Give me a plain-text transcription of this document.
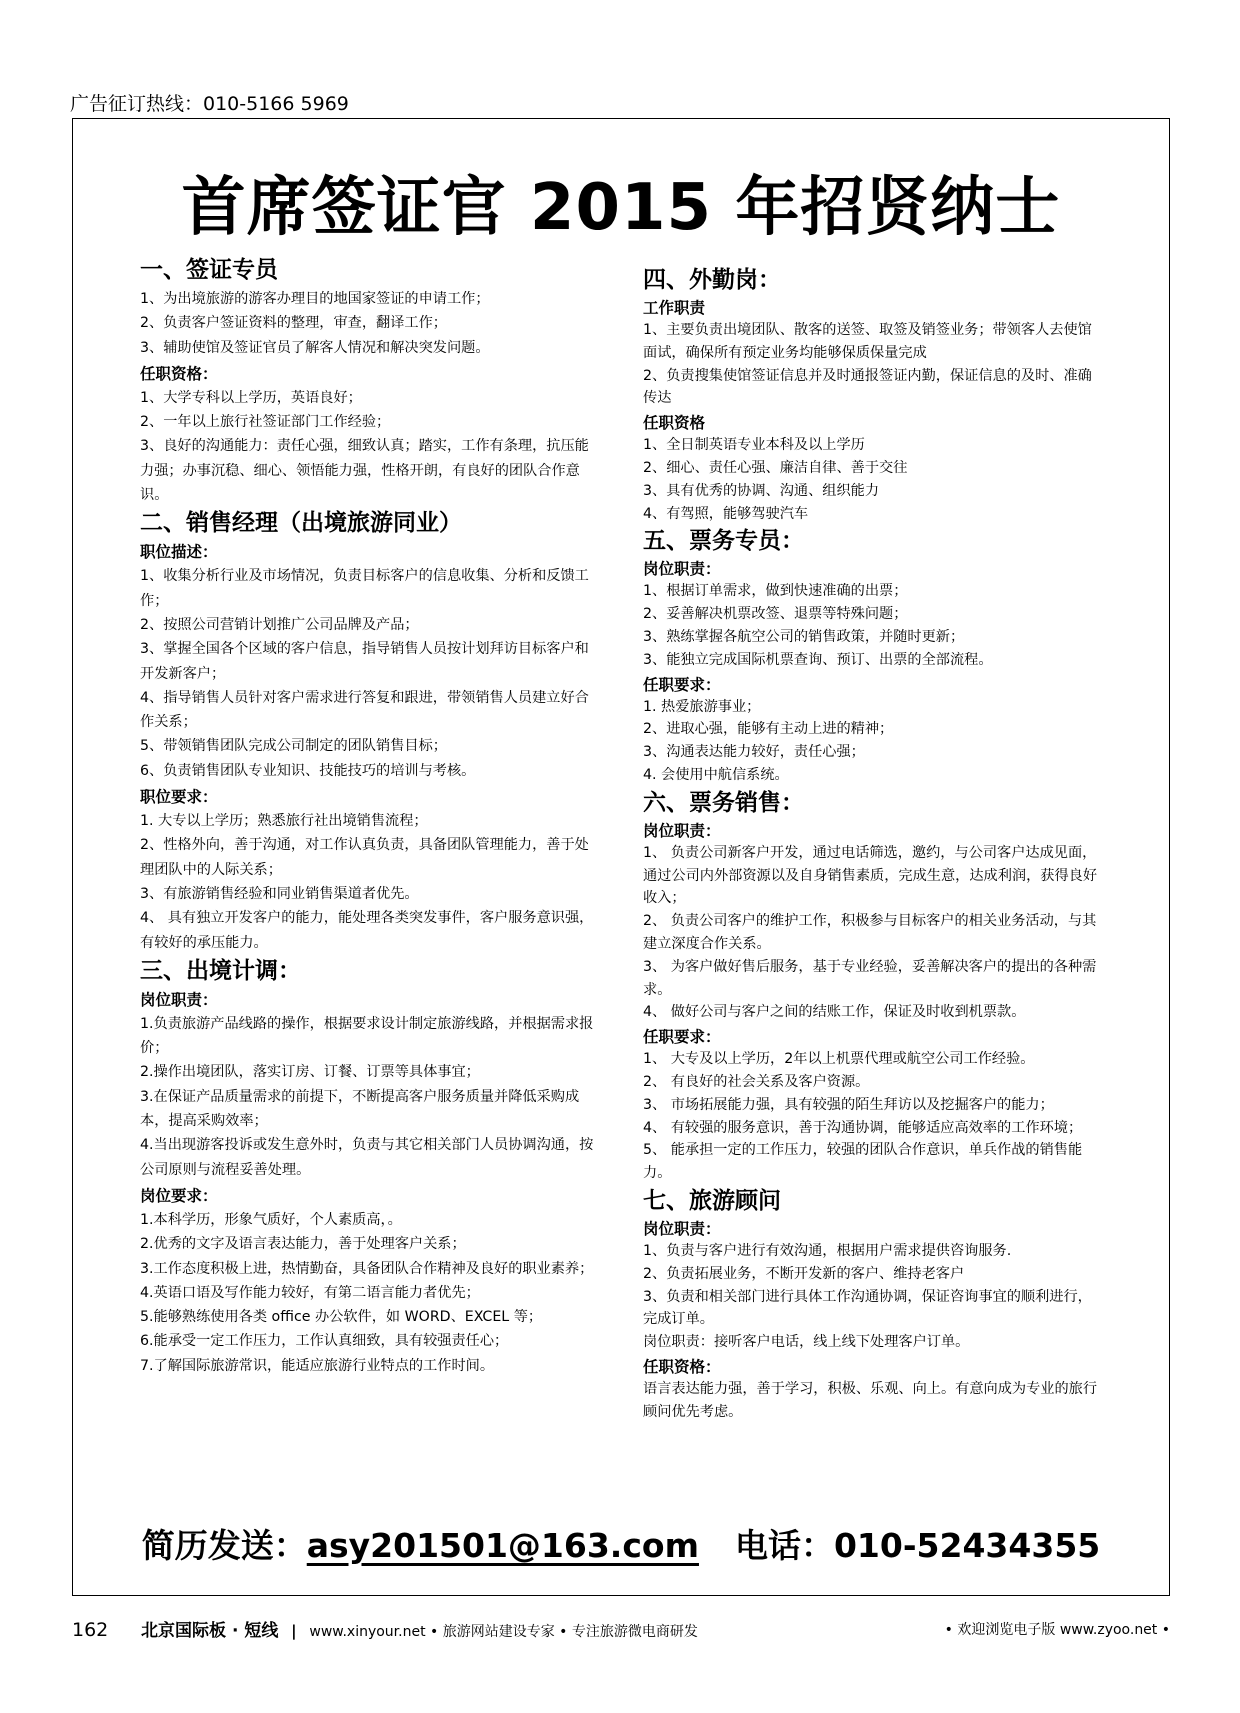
广告征订热线：010-5166 5969
首席签证官 2015 年招贤纳士
一、签证专员
1、为出境旅游的游客办理目的地国家签证的申请工作；
2、负责客户签证资料的整理，审查，翻译工作；
3、辅助使馆及签证官员了解客人情况和解决突发问题。
任职资格：
1、大学专科以上学历，英语良好；
2、一年以上旅行社签证部门工作经验；
3、良好的沟通能力：责任心强，细致认真；踏实，工作有条理，抗压能力强；办事沉稳、细心、领悟能力强，性格开朗，有良好的团队合作意识。
二、销售经理（出境旅游同业）
职位描述：
1、收集分析行业及市场情况，负责目标客户的信息收集、分析和反馈工作；
2、按照公司营销计划推广公司品牌及产品；
3、掌握全国各个区域的客户信息，指导销售人员按计划拜访目标客户和开发新客户；
4、指导销售人员针对客户需求进行答复和跟进，带领销售人员建立好合作关系；
5、带领销售团队完成公司制定的团队销售目标；
6、负责销售团队专业知识、技能技巧的培训与考核。
职位要求：
1. 大专以上学历；熟悉旅行社出境销售流程；
2、性格外向，善于沟通，对工作认真负责，具备团队管理能力，善于处理团队中的人际关系；
3、有旅游销售经验和同业销售渠道者优先。
4、 具有独立开发客户的能力，能处理各类突发事件，客户服务意识强，有较好的承压能力。
三、出境计调：
岗位职责：
1.负责旅游产品线路的操作，根据要求设计制定旅游线路，并根据需求报价；
2.操作出境团队，落实订房、订餐、订票等具体事宜；
3.在保证产品质量需求的前提下，不断提高客户服务质量并降低采购成本，提高采购效率；
4.当出现游客投诉或发生意外时，负责与其它相关部门人员协调沟通，按公司原则与流程妥善处理。
岗位要求：
1.本科学历，形象气质好，个人素质高，。
2.优秀的文字及语言表达能力，善于处理客户关系；
3.工作态度积极上进，热情勤奋，具备团队合作精神及良好的职业素养；
4.英语口语及写作能力较好，有第二语言能力者优先；
5.能够熟练使用各类 office 办公软件，如 WORD、EXCEL 等；
6.能承受一定工作压力，工作认真细致，具有较强责任心；
7.了解国际旅游常识，能适应旅游行业特点的工作时间。
四、外勤岗：
工作职责
1、主要负责出境团队、散客的送签、取签及销签业务；带领客人去使馆面试，确保所有预定业务均能够保质保量完成
2、负责搜集使馆签证信息并及时通报签证内勤，保证信息的及时、准确传达
任职资格
1、全日制英语专业本科及以上学历
2、细心、责任心强、廉洁自律、善于交往
3、具有优秀的协调、沟通、组织能力
4、有驾照，能够驾驶汽车
五、票务专员：
岗位职责：
1、根据订单需求，做到快速准确的出票；
2、妥善解决机票改签、退票等特殊问题；
3、熟练掌握各航空公司的销售政策，并随时更新；
3、能独立完成国际机票查询、预订、出票的全部流程。
任职要求：
1. 热爱旅游事业；
2、进取心强，能够有主动上进的精神；
3、沟通表达能力较好，责任心强；
4. 会使用中航信系统。
六、票务销售：
岗位职责：
1、 负责公司新客户开发，通过电话筛选，邀约，与公司客户达成见面，通过公司内外部资源以及自身销售素质，完成生意，达成利润，获得良好收入；
2、 负责公司客户的维护工作，积极参与目标客户的相关业务活动，与其建立深度合作关系。
3、 为客户做好售后服务，基于专业经验，妥善解决客户的提出的各种需求。
4、 做好公司与客户之间的结账工作，保证及时收到机票款。
任职要求：
1、 大专及以上学历，2年以上机票代理或航空公司工作经验。
2、 有良好的社会关系及客户资源。
3、 市场拓展能力强，具有较强的陌生拜访以及挖掘客户的能力；
4、 有较强的服务意识，善于沟通协调，能够适应高效率的工作环境；
5、 能承担一定的工作压力，较强的团队合作意识，单兵作战的销售能力。
七、旅游顾问
岗位职责：
1、负责与客户进行有效沟通，根据用户需求提供咨询服务.
2、负责拓展业务，不断开发新的客户、维持老客户
3、负责和相关部门进行具体工作沟通协调，保证咨询事宜的顺利进行，完成订单。
岗位职责：接听客户电话，线上线下处理客户订单。
任职资格：
语言表达能力强，善于学习，积极、乐观、向上。有意向成为专业的旅行顾问优先考虑。
简历发送：asy201501@163.com 电话：010-52434355
162 北京国际板 · 短线 | www.xinyour.net • 旅游网站建设专家 • 专注旅游微电商研发	• 欢迎浏览电子版 www.zyoo.net •
